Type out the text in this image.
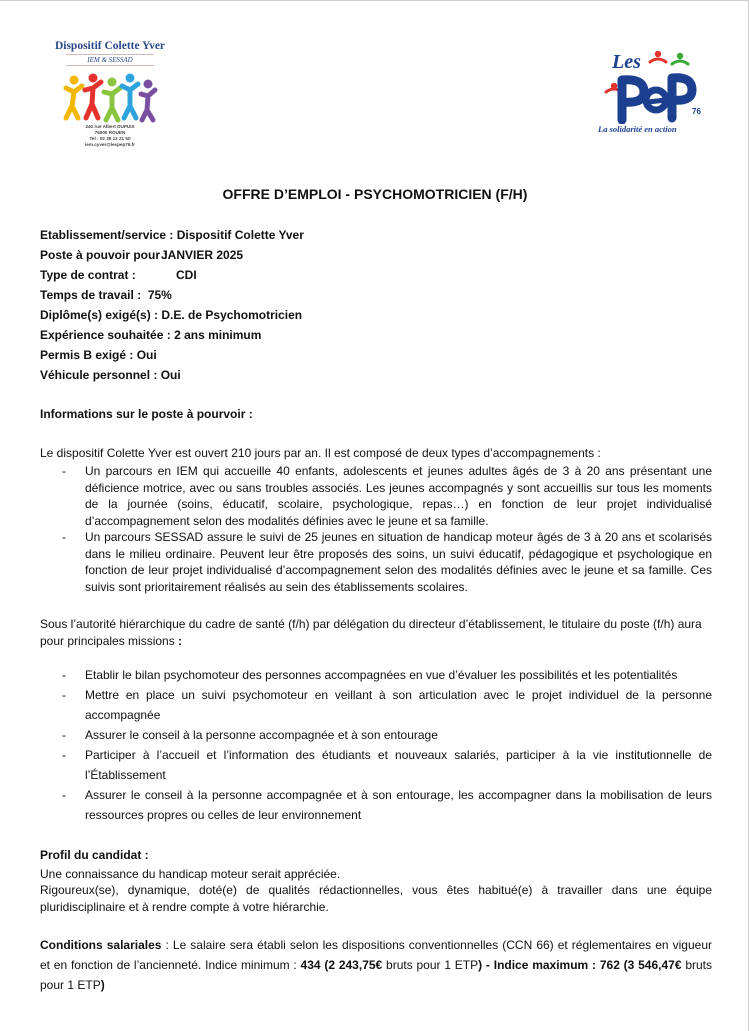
Dispositif Colette Yver
IEM & SESSAD
240 rue Albert DUPUIS
76000 ROUEN
Tel : 02 35 12 21 50
iem.cyver@lespep76.fr
Les
76
La solidarité en action
OFFRE D’EMPLOI - PSYCHOMOTRICIEN (F/H)
Etablissement/service : Dispositif Colette Yver
Poste à pouvoir pour :JANVIER 2025
Type de contrat :	CDI
Temps de travail : 75%
Diplôme(s) exigé(s) : D.E. de Psychomotricien
Expérience souhaitée : 2 ans minimum
Permis B exigé : Oui
Véhicule personnel : Oui
Informations sur le poste à pourvoir :
Le dispositif Colette Yver est ouvert 210 jours par an. Il est composé de deux types d’accompagnements :
- Un parcours en IEM qui accueille 40 enfants, adolescents et jeunes adultes âgés de 3 à 20 ans présentant une déficience motrice, avec ou sans troubles associés. Les jeunes accompagnés y sont accueillis sur tous les moments de la journée (soins, éducatif, scolaire, psychologique, repas…) en fonction de leur projet individualisé d’accompagnement selon des modalités définies avec le jeune et sa famille.
- Un parcours SESSAD assure le suivi de 25 jeunes en situation de handicap moteur âgés de 3 à 20 ans et scolarisés dans le milieu ordinaire. Peuvent leur être proposés des soins, un suivi éducatif, pédagogique et psychologique en fonction de leur projet individualisé d’accompagnement selon des modalités définies avec le jeune et sa famille. Ces suivis sont prioritairement réalisés au sein des établissements scolaires.
Sous l’autorité hiérarchique du cadre de santé (f/h) par délégation du directeur d’établissement, le titulaire du poste (f/h) aura pour principales missions :
- Etablir le bilan psychomoteur des personnes accompagnées en vue d’évaluer les possibilités et les potentialités
- Mettre en place un suivi psychomoteur en veillant à son articulation avec le projet individuel de la personne accompagnée
- Assurer le conseil à la personne accompagnée et à son entourage
- Participer à l’accueil et l’information des étudiants et nouveaux salariés, participer à la vie institutionnelle de l’Établissement
- Assurer le conseil à la personne accompagnée et à son entourage, les accompagner dans la mobilisation de leurs ressources propres ou celles de leur environnement
Profil du candidat :
Une connaissance du handicap moteur serait appréciée.
Rigoureux(se), dynamique, doté(e) de qualités rédactionnelles, vous êtes habitué(e) à travailler dans une équipe pluridisciplinaire et à rendre compte à votre hiérarchie.
Conditions salariales : Le salaire sera établi selon les dispositions conventionnelles (CCN 66) et réglementaires en vigueur et en fonction de l’ancienneté. Indice minimum : 434 (2 243,75€ bruts pour 1 ETP) - Indice maximum : 762 (3 546,47€ bruts pour 1 ETP)
